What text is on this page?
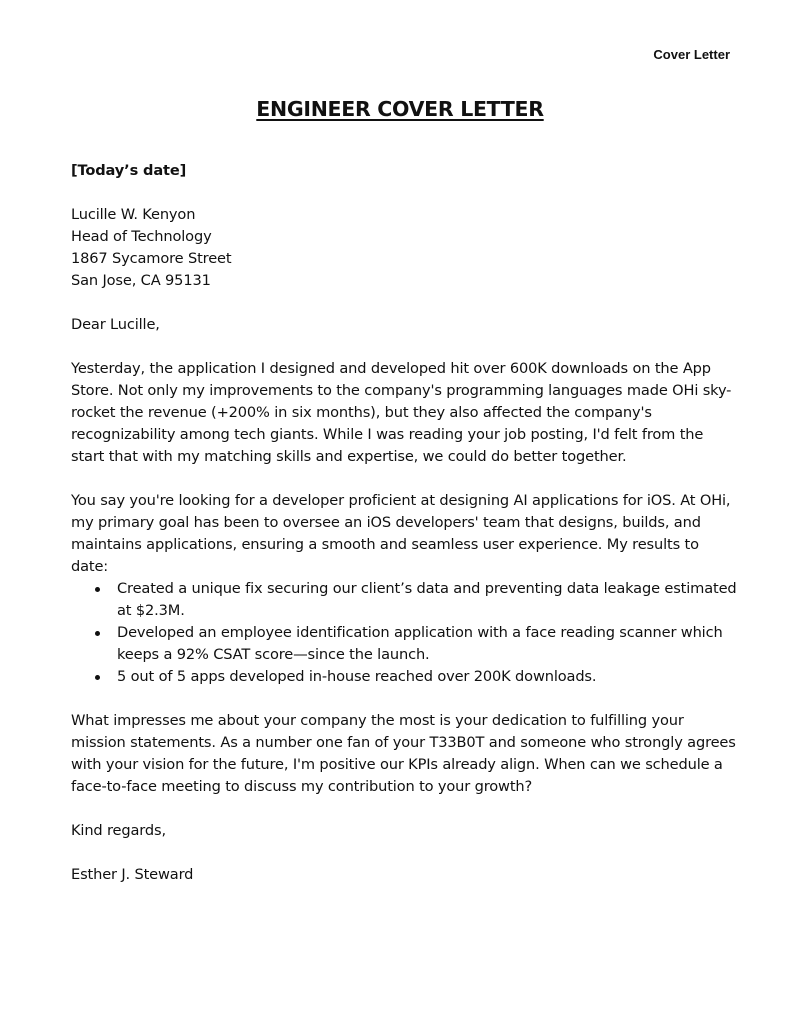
Cover Letter
ENGINEER COVER LETTER

[Today’s date]

Lucille W. Kenyon
Head of Technology
1867 Sycamore Street
San Jose, CA 95131

Dear Lucille,

Yesterday, the application I designed and developed hit over 600K downloads on the App Store. Not only my improvements to the company's programming languages made OHi sky-rocket the revenue (+200% in six months), but they also affected the company's recognizability among tech giants. While I was reading your job posting, I'd felt from the start that with my matching skills and expertise, we could do better together.

You say you're looking for a developer proficient at designing AI applications for iOS. At OHi, my primary goal has been to oversee an iOS developers' team that designs, builds, and maintains applications, ensuring a smooth and seamless user experience. My results to date:

Created a unique fix securing our client’s data and preventing data leakage estimated at $2.3M.
Developed an employee identification application with a face reading scanner which keeps a 92% CSAT score—since the launch.
5 out of 5 apps developed in-house reached over 200K downloads.

What impresses me about your company the most is your dedication to fulfilling your mission statements. As a number one fan of your T33B0T and someone who strongly agrees with your vision for the future, I'm positive our KPIs already align. When can we schedule a face-to-face meeting to discuss my contribution to your growth?

Kind regards,

Esther J. Steward
